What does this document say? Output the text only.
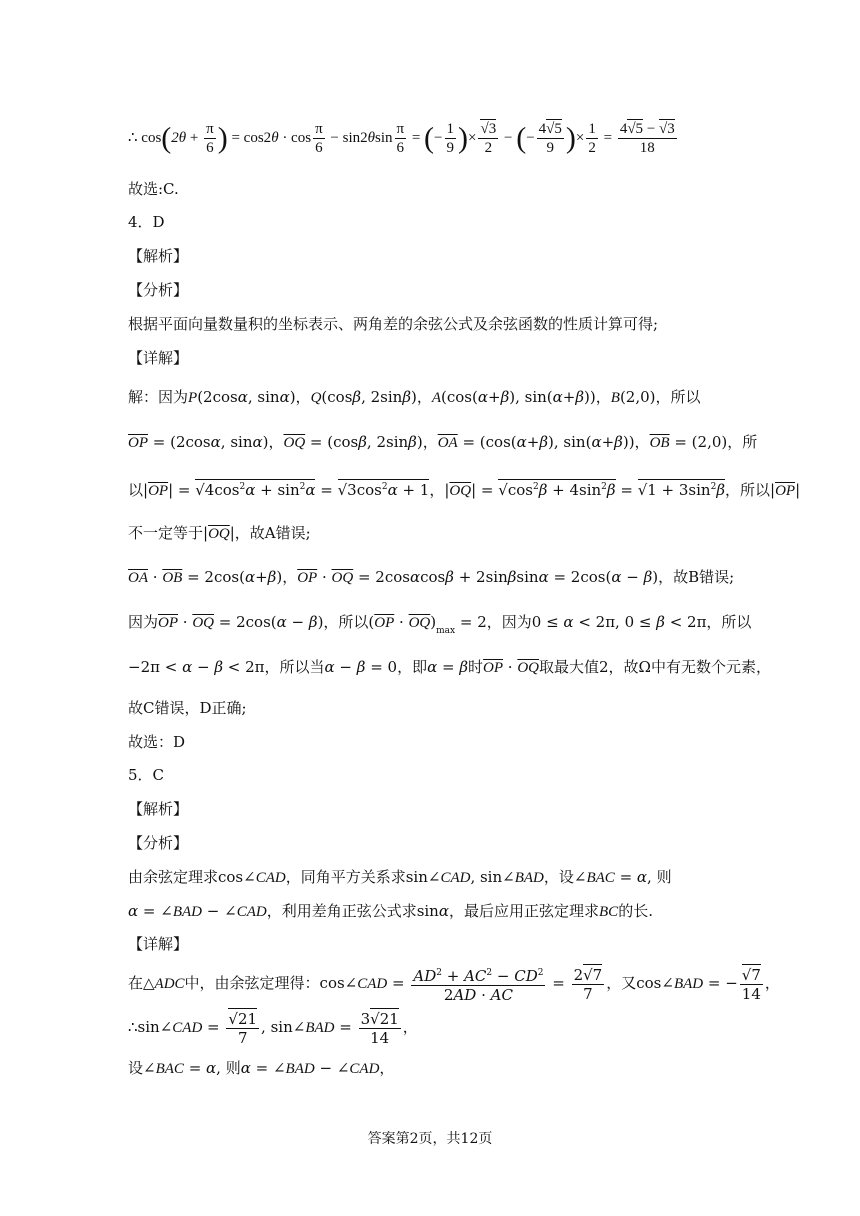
∴ $\cos(2\theta + \frac{\pi}{6}$ ) = $\cos 2\theta \cdot \cos \frac{\pi}{6} - \sin 2\theta\sin \frac{\pi}{6}$ = (− $\frac{1}{9}$ )× $\frac{√3}{2}$ − (− $\frac{4√5}{9}$ )× $\frac{1}{2} = \frac{4√5 - √3}{18}$
故选:C.
4．D
【解析】
【分析】
根据平面向量数量积的坐标表示、两角差的余弦公式及余弦函数的性质计算可得;
【详解】
解：因为P(2cosα, sinα)，Q(cosβ, 2sinβ)，A(cos(α+β), sin(α+β))，B(2,0)，所以
$\overline{OP} = (2\cos\alpha$, sinα)，$\overline{OQ} = (\cos\beta$, 2sinβ)，$\overline{OA} = (\cos(\alpha+\beta)$, sin(α+β))，$\overline{OB} = (2,0)$，所
以$|\overline{OP}| = √4\cos^2\alpha + \sin^2\alpha = √3\cos^2\alpha + 1$，$|\overline{OQ}| = √\cos^2\beta + 4\sin^2\beta = √1 + 3\sin^2\beta$，所以$|\overline{OP}|$
不一定等于$|\overline{OQ}|$，故A错误;
$\overline{OA} \cdot \overline{OB} = 2\cos(\alpha+\beta)$，$\overline{OP} \cdot \overline{OQ} = 2\cos\alpha\cos\beta + 2\sin\beta\sin\alpha = 2\cos(\alpha - \beta)$，故B错误;
因为$\overline{OP} \cdot \overline{OQ} = 2\cos(\alpha - \beta)$，所以$(\overline{OP} \cdot \overline{OQ})_{max} = 2$，因为0 ≤ α < 2π, 0 ≤ β < 2π，所以
−2π < α − β < 2π，所以当α − β = 0，即α = β时$\overline{OP} \cdot \overline{OQ}$取最大值2，故Ω中有无数个元素，
故C错误，D正确;
故选：D
5．C
【解析】
【分析】
由余弦定理求cos∠CAD，同角平方关系求sin∠CAD, sin∠BAD，设∠BAC = α, 则
α = ∠BAD − ∠CAD，利用差角正弦公式求sinα，最后应用正弦定理求BC的长.
【详解】
在△ADC中，由余弦定理得：cos∠CAD = $\frac{AD^2 + AC^2 - CD^2}{2AD \cdot AC} = \frac{2√7}{7}$ ，又cos∠BAD = − $\frac{√7}{14}$ ，
∴sin∠CAD = $\frac{√21}{7}$ , sin∠BAD = $\frac{3√21}{14}$ ，
设∠BAC = α, 则α = ∠BAD − ∠CAD，
答案第2页，共12页
